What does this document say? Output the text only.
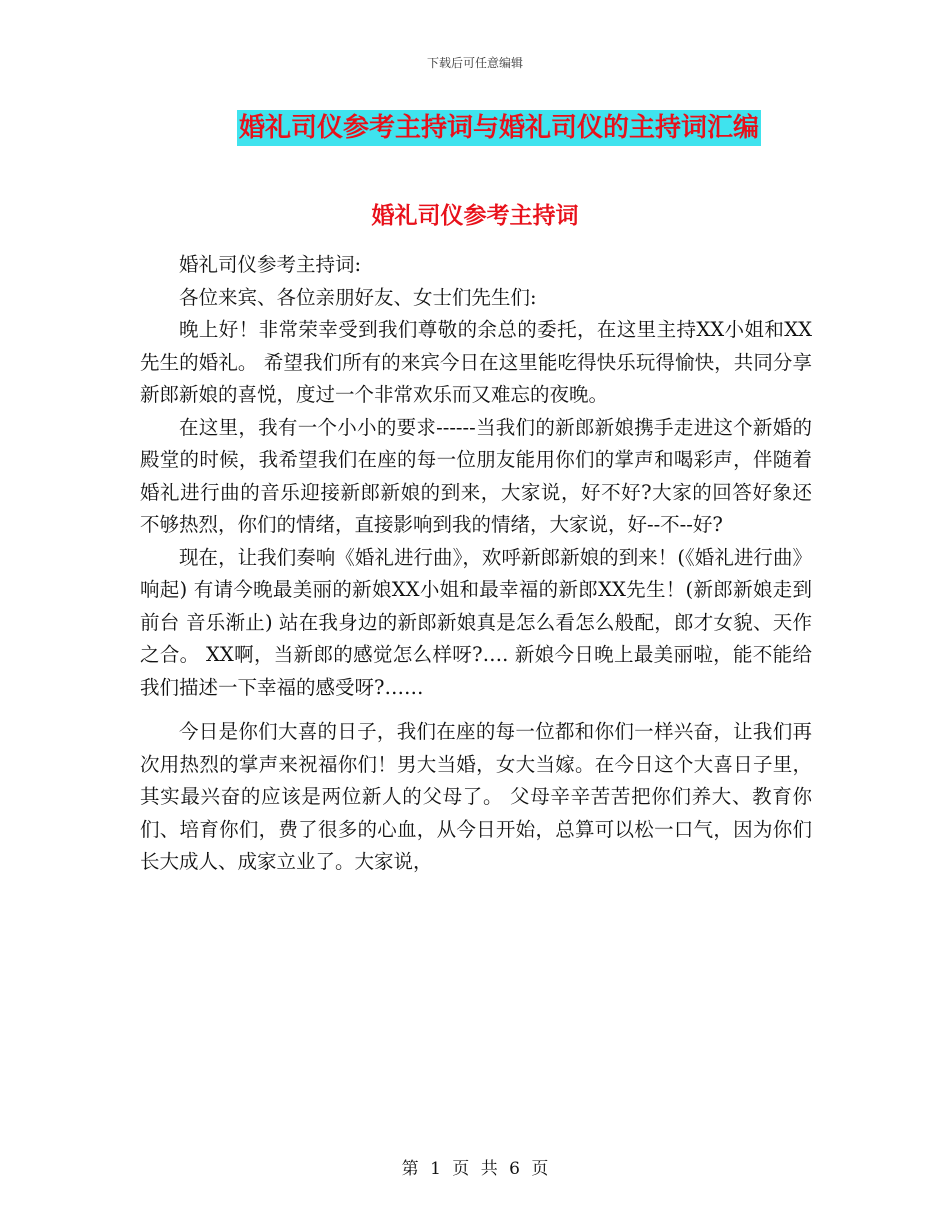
下载后可任意编辑
婚礼司仪参考主持词与婚礼司仪的主持词汇编
婚礼司仪参考主持词

婚礼司仪参考主持词:

各位来宾、各位亲朋好友、女士们先生们:

晚上好！非常荣幸受到我们尊敬的余总的委托，在这里主持XX小姐和XX先生的婚礼。 希望我们所有的来宾今日在这里能吃得快乐玩得愉快，共同分享新郎新娘的喜悦，度过一个非常欢乐而又难忘的夜晚。

在这里，我有一个小小的要求------当我们的新郎新娘携手走进这个新婚的殿堂的时候，我希望我们在座的每一位朋友能用你们的掌声和喝彩声，伴随着婚礼进行曲的音乐迎接新郎新娘的到来，大家说，好不好?大家的回答好象还不够热烈，你们的情绪，直接影响到我的情绪，大家说，好--不--好?

现在，让我们奏响《婚礼进行曲》，欢呼新郎新娘的到来！(《婚礼进行曲》响起) 有请今晚最美丽的新娘XX小姐和最幸福的新郎XX先生！(新郎新娘走到前台 音乐渐止) 站在我身边的新郎新娘真是怎么看怎么般配，郎才女貌、天作之合。 XX啊，当新郎的感觉怎么样呀?…. 新娘今日晚上最美丽啦，能不能给我们描述一下幸福的感受呀?……

今日是你们大喜的日子，我们在座的每一位都和你们一样兴奋，让我们再次用热烈的掌声来祝福你们！男大当婚，女大当嫁。在今日这个大喜日子里，其实最兴奋的应该是两位新人的父母了。 父母辛辛苦苦把你们养大、教育你们、培育你们，费了很多的心血，从今日开始，总算可以松一口气，因为你们长大成人、成家立业了。大家说，

第 1 页 共 6 页
